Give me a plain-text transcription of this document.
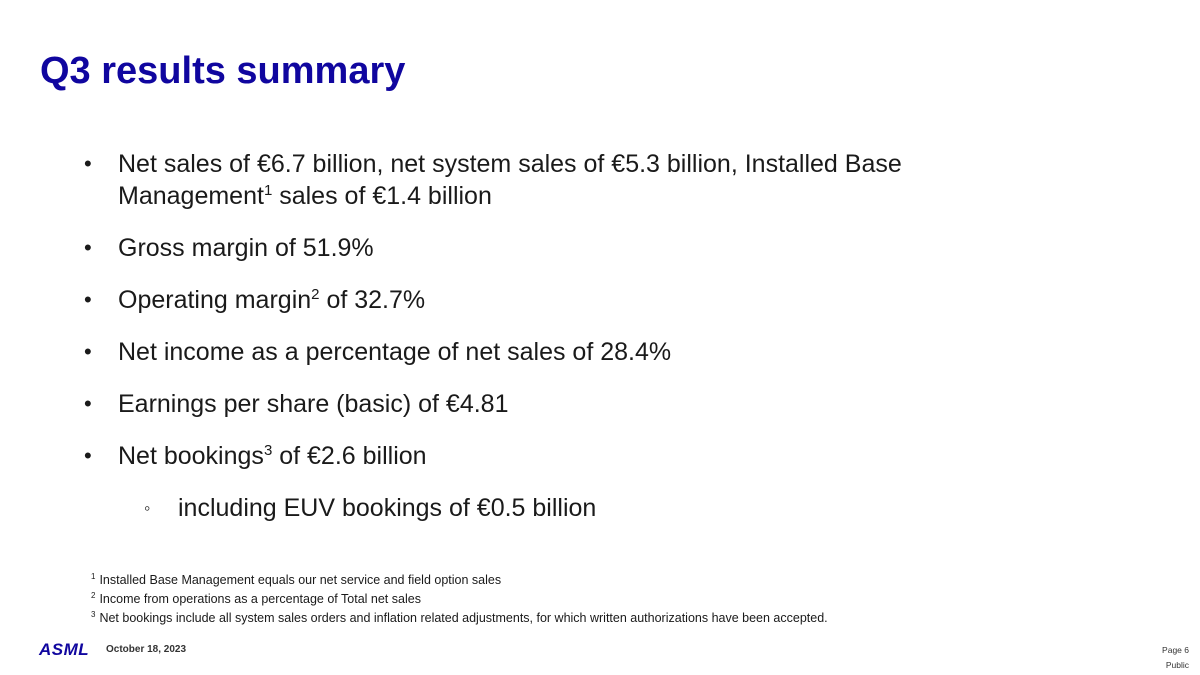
Q3 results summary
• Net sales of €6.7 billion, net system sales of €5.3 billion, Installed Base Management$^1$ sales of €1.4 billion
• Gross margin of 51.9%
• Operating margin$^2$ of 32.7%
• Net income as a percentage of net sales of 28.4%
• Earnings per share (basic) of €4.81
• Net bookings$^3$ of €2.6 billion
◦ including EUV bookings of €0.5 billion
$^1$ Installed Base Management equals our net service and field option sales
$^2$ Income from operations as a percentage of Total net sales
$^3$ Net bookings include all system sales orders and inflation related adjustments, for which written authorizations have been accepted.
ASML October 18, 2023	Page 6
Public
